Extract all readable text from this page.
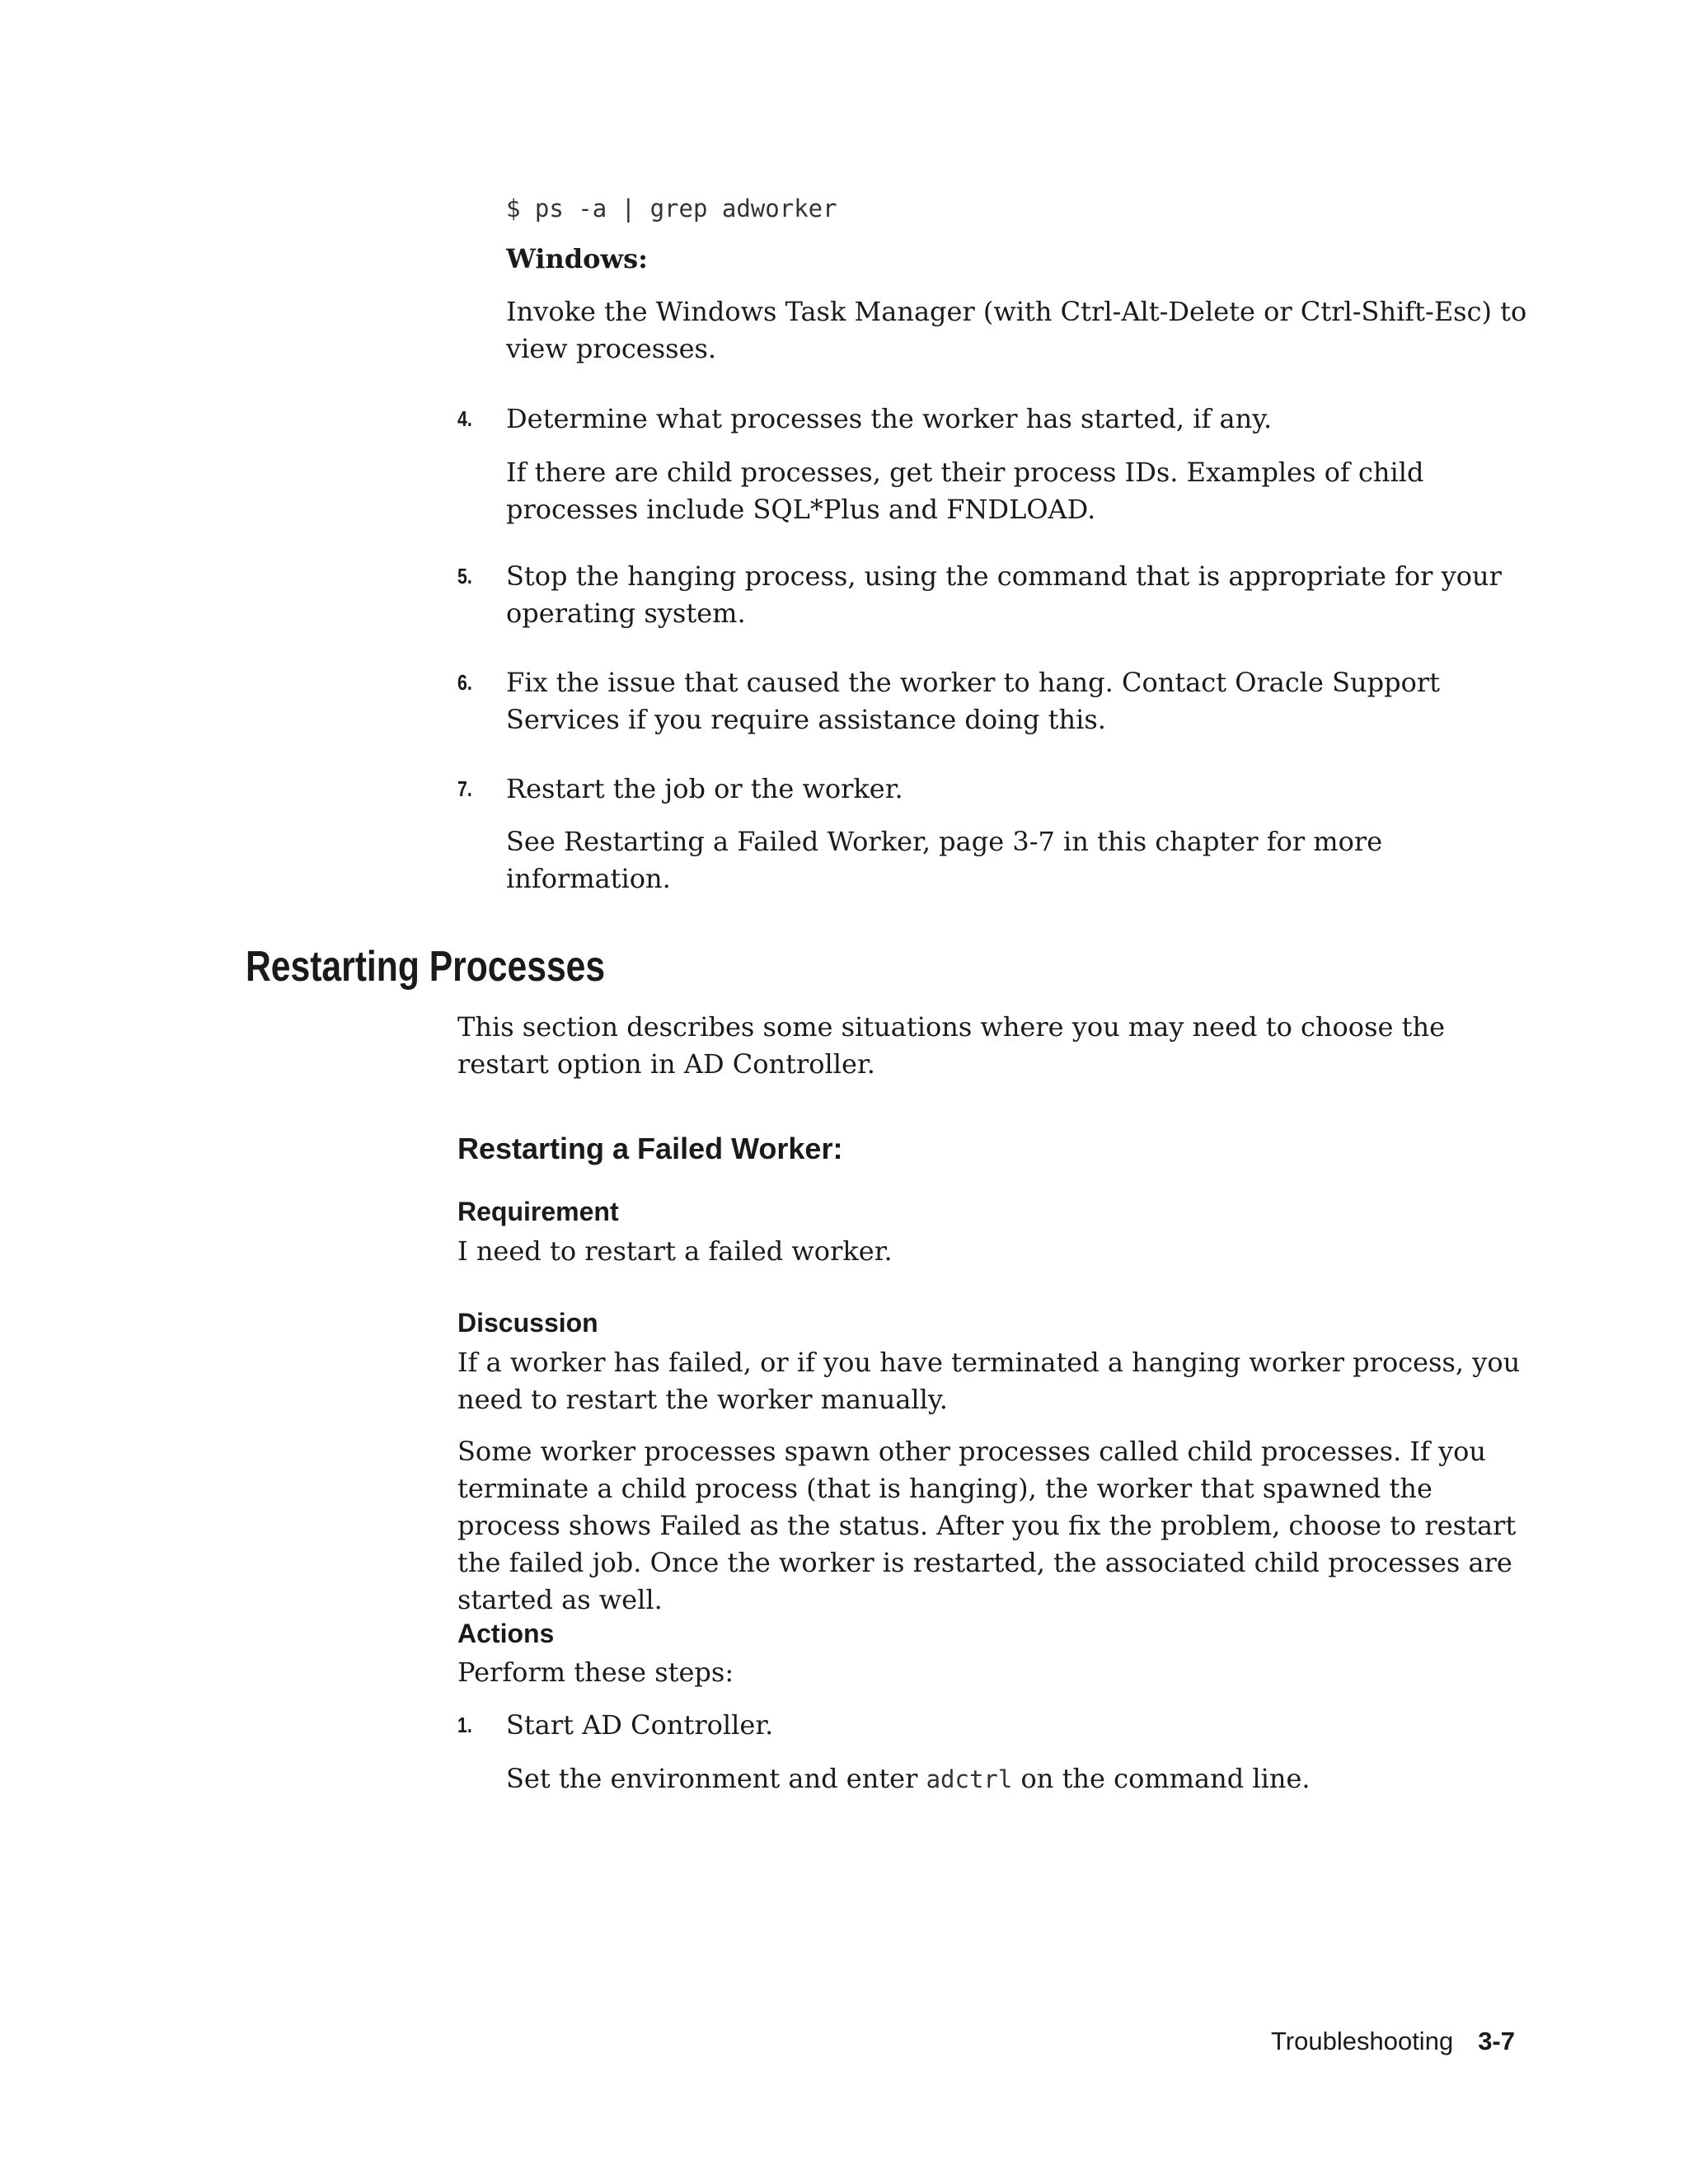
$ ps -a | grep adworker
Windows:
Invoke the Windows Task Manager (with Ctrl-Alt-Delete or Ctrl-Shift-Esc) to view processes.
4. Determine what processes the worker has started, if any.
If there are child processes, get their process IDs. Examples of child processes include SQL*Plus and FNDLOAD.
5. Stop the hanging process, using the command that is appropriate for your operating system.
6. Fix the issue that caused the worker to hang. Contact Oracle Support Services if you require assistance doing this.
7. Restart the job or the worker.
See Restarting a Failed Worker, page 3-7 in this chapter for more information.
Restarting Processes
This section describes some situations where you may need to choose the restart option in AD Controller.
Restarting a Failed Worker:
Requirement
I need to restart a failed worker.
Discussion
If a worker has failed, or if you have terminated a hanging worker process, you need to restart the worker manually.
Some worker processes spawn other processes called child processes. If you terminate a child process (that is hanging), the worker that spawned the process shows Failed as the status. After you fix the problem, choose to restart the failed job. Once the worker is restarted, the associated child processes are started as well.
Actions
Perform these steps:
1. Start AD Controller.
Set the environment and enter adctrl on the command line.
Troubleshooting 3-7
